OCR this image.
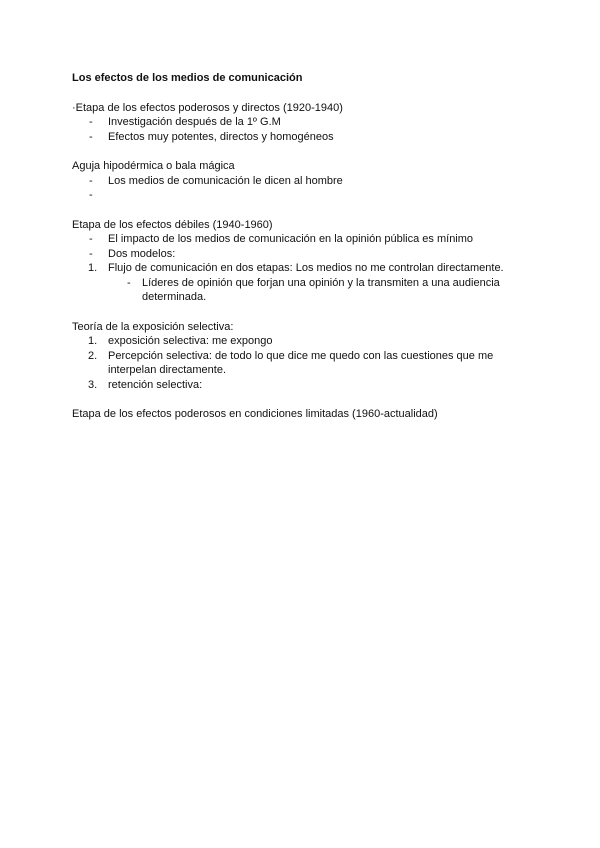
Los efectos de los medios de comunicación

·Etapa de los efectos poderosos y directos (1920-1940)

- Investigación después de la 1º G.M
- Efectos muy potentes, directos y homogéneos

Aguja hipodérmica o bala mágica

- Los medios de comunicación le dicen al hombre
-

Etapa de los efectos débiles (1940-1960)

- El impacto de los medios de comunicación en la opinión pública es mínimo
- Dos modelos:
1. Flujo de comunicación en dos etapas: Los medios no me controlan directamente.
- Líderes de opinión que forjan una opinión y la transmiten a una audiencia determinada.

Teoría de la exposición selectiva:

1. exposición selectiva: me expongo
2. Percepción selectiva: de todo lo que dice me quedo con las cuestiones que me interpelan directamente.
3. retención selectiva:

Etapa de los efectos poderosos en condiciones limitadas (1960-actualidad)
